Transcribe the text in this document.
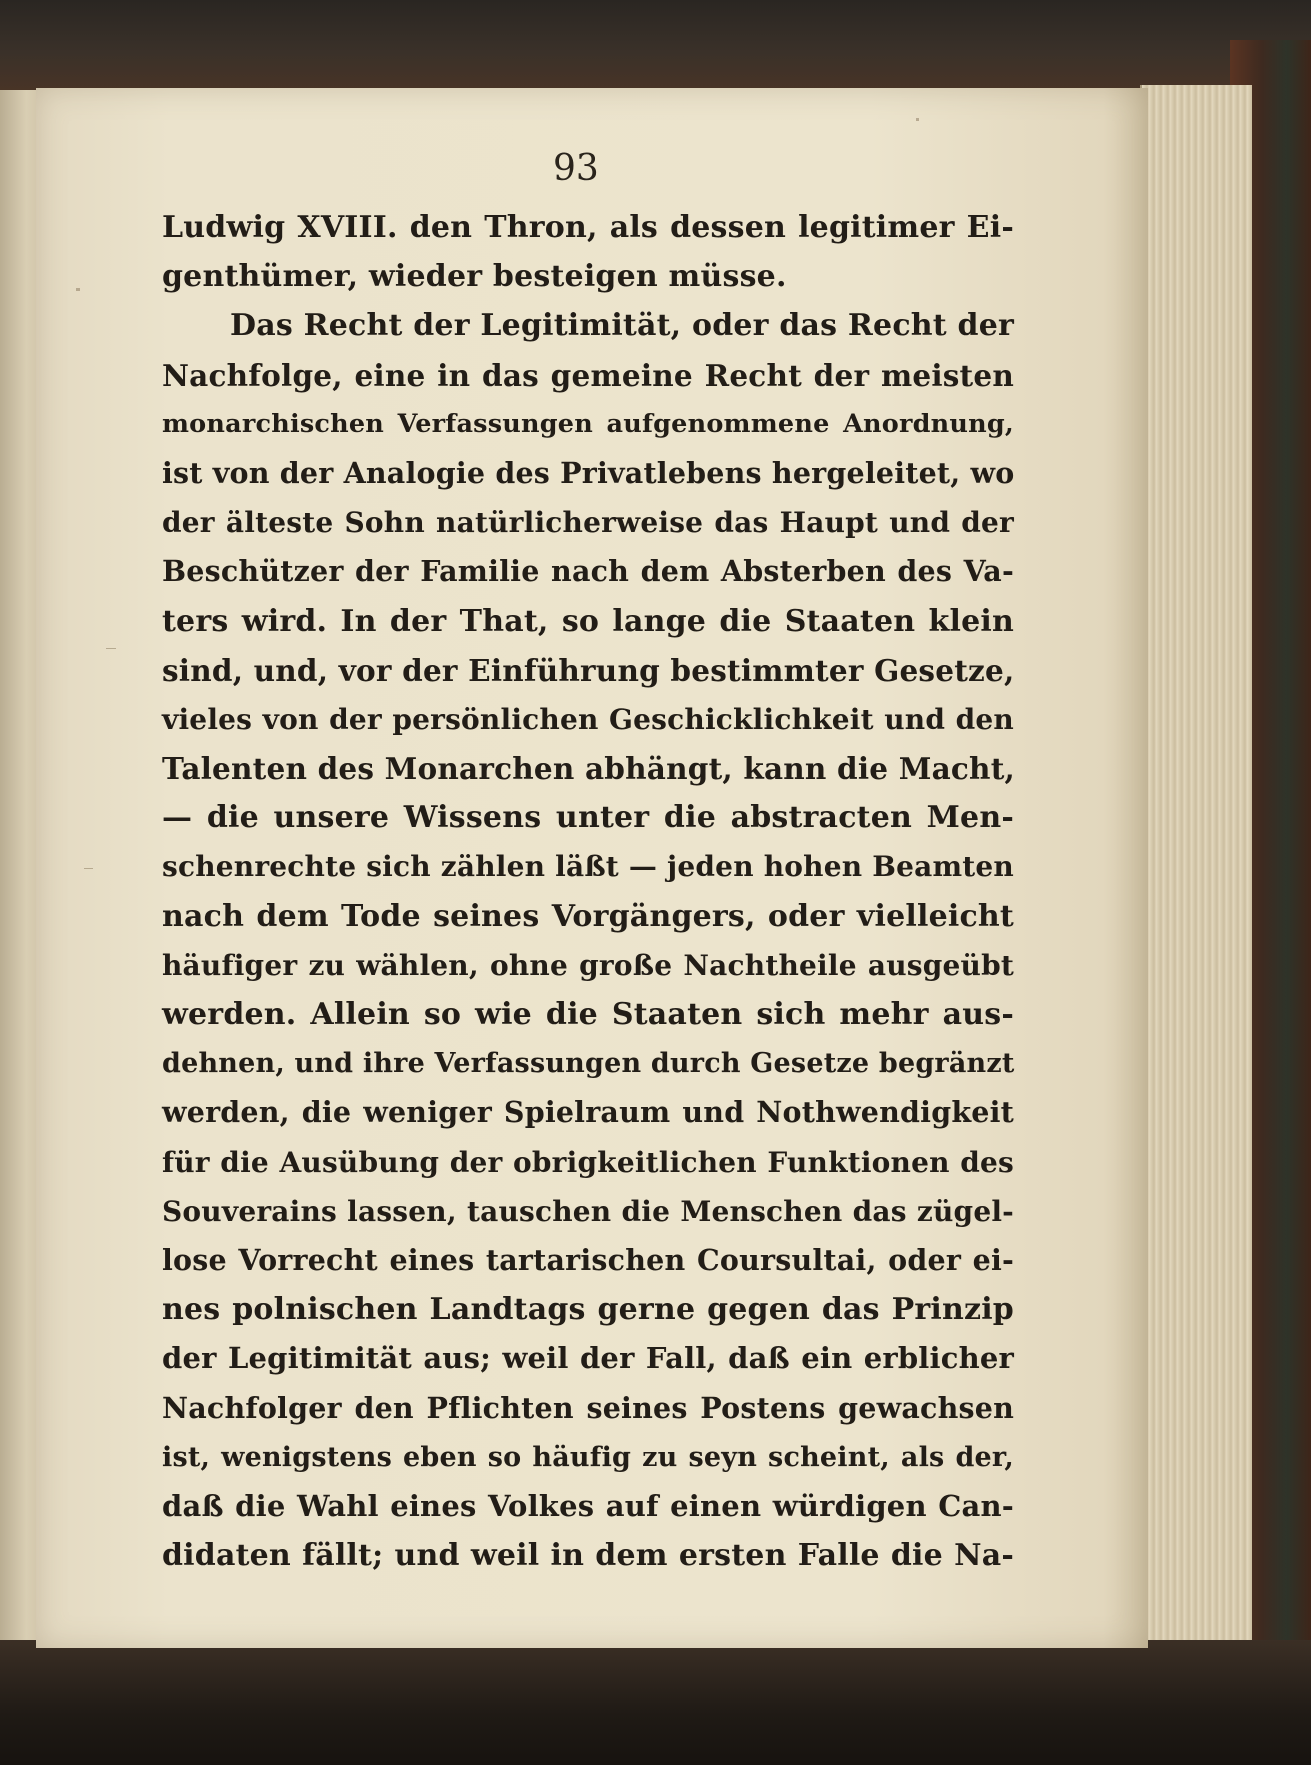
93
Ludwig XVIII. den Thron, als dessen legitimer Ei-
genthümer, wieder besteigen müsse.
Das Recht der Legitimität, oder das Recht der
Nachfolge, eine in das gemeine Recht der meisten
monarchischen Verfassungen aufgenommene Anordnung,
ist von der Analogie des Privatlebens hergeleitet, wo
der älteste Sohn natürlicherweise das Haupt und der
Beschützer der Familie nach dem Absterben des Va-
ters wird. In der That, so lange die Staaten klein
sind, und, vor der Einführung bestimmter Gesetze,
vieles von der persönlichen Geschicklichkeit und den
Talenten des Monarchen abhängt, kann die Macht,
— die unsere Wissens unter die abstracten Men-
schenrechte sich zählen läßt — jeden hohen Beamten
nach dem Tode seines Vorgängers, oder vielleicht
häufiger zu wählen, ohne große Nachtheile ausgeübt
werden. Allein so wie die Staaten sich mehr aus-
dehnen, und ihre Verfassungen durch Gesetze begränzt
werden, die weniger Spielraum und Nothwendigkeit
für die Ausübung der obrigkeitlichen Funktionen des
Souverains lassen, tauschen die Menschen das zügel-
lose Vorrecht eines tartarischen Coursultai, oder ei-
nes polnischen Landtags gerne gegen das Prinzip
der Legitimität aus; weil der Fall, daß ein erblicher
Nachfolger den Pflichten seines Postens gewachsen
ist, wenigstens eben so häufig zu seyn scheint, als der,
daß die Wahl eines Volkes auf einen würdigen Can-
didaten fällt; und weil in dem ersten Falle die Na-
